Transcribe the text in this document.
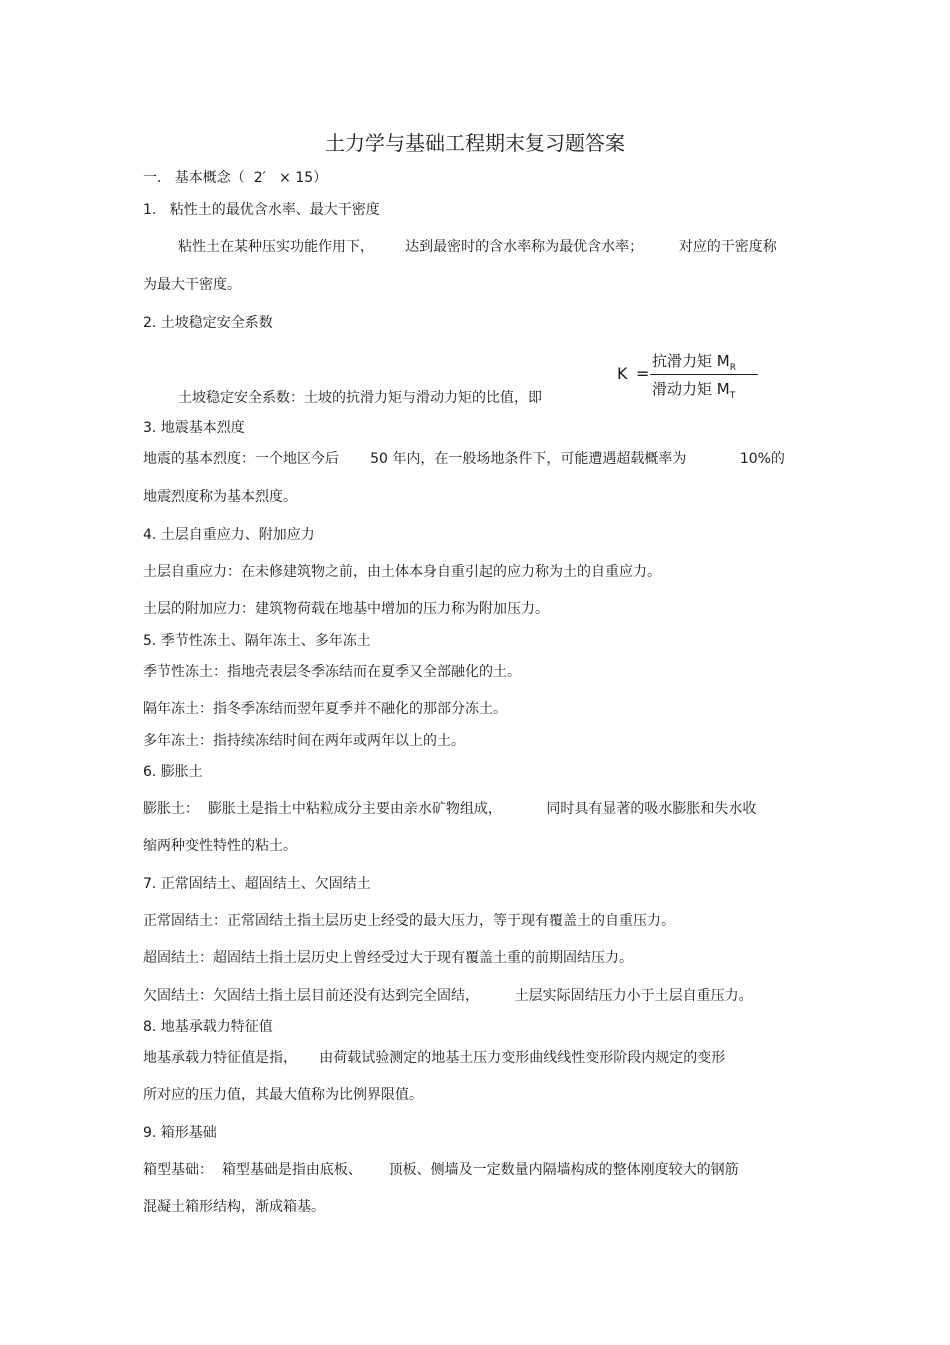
土力学与基础工程期末复习题答案
一.   基本概念（  2′   × 15）
1.   粘性土的最优含水率、最大干密度
粘性土在某种压实功能作用下，       达到最密时的含水率称为最优含水率；        对应的干密度称
为最大干密度。
2. 土坡稳定安全系数
K =
抗滑力矩 $M_R$
滑动力矩 $M_T$
土坡稳定安全系数：土坡的抗滑力矩与滑动力矩的比值，即
3. 地震基本烈度
地震的基本烈度：一个地区今后       50 年内，在一般场地条件下，可能遭遇超载概率为            10%的
地震烈度称为基本烈度。
4. 土层自重应力、附加应力
土层自重应力：在未修建筑物之前，由土体本身自重引起的应力称为土的自重应力。
土层的附加应力：建筑物荷载在地基中增加的压力称为附加压力。
5. 季节性冻土、隔年冻土、多年冻土
季节性冻土：指地壳表层冬季冻结而在夏季又全部融化的土。
隔年冻土：指冬季冻结而翌年夏季并不融化的那部分冻土。
多年冻土：指持续冻结时间在两年或两年以上的土。
6. 膨胀土
膨胀土：  膨胀土是指土中粘粒成分主要由亲水矿物组成，          同时具有显著的吸水膨胀和失水收
缩两种变性特性的粘土。
7. 正常固结土、超固结土、欠固结土
正常固结土：正常固结土指土层历史上经受的最大压力，等于现有覆盖土的自重压力。
超固结土：超固结土指土层历史上曾经受过大于现有覆盖土重的前期固结压力。
欠固结土：欠固结土指土层目前还没有达到完全固结，        土层实际固结压力小于土层自重压力。
8. 地基承载力特征值
地基承载力特征值是指，     由荷载试验测定的地基土压力变形曲线线性变形阶段内规定的变形
所对应的压力值，其最大值称为比例界限值。
9. 箱形基础
箱型基础：  箱型基础是指由底板、      顶板、侧墙及一定数量内隔墙构成的整体刚度较大的钢筋
混凝土箱形结构，渐成箱基。
